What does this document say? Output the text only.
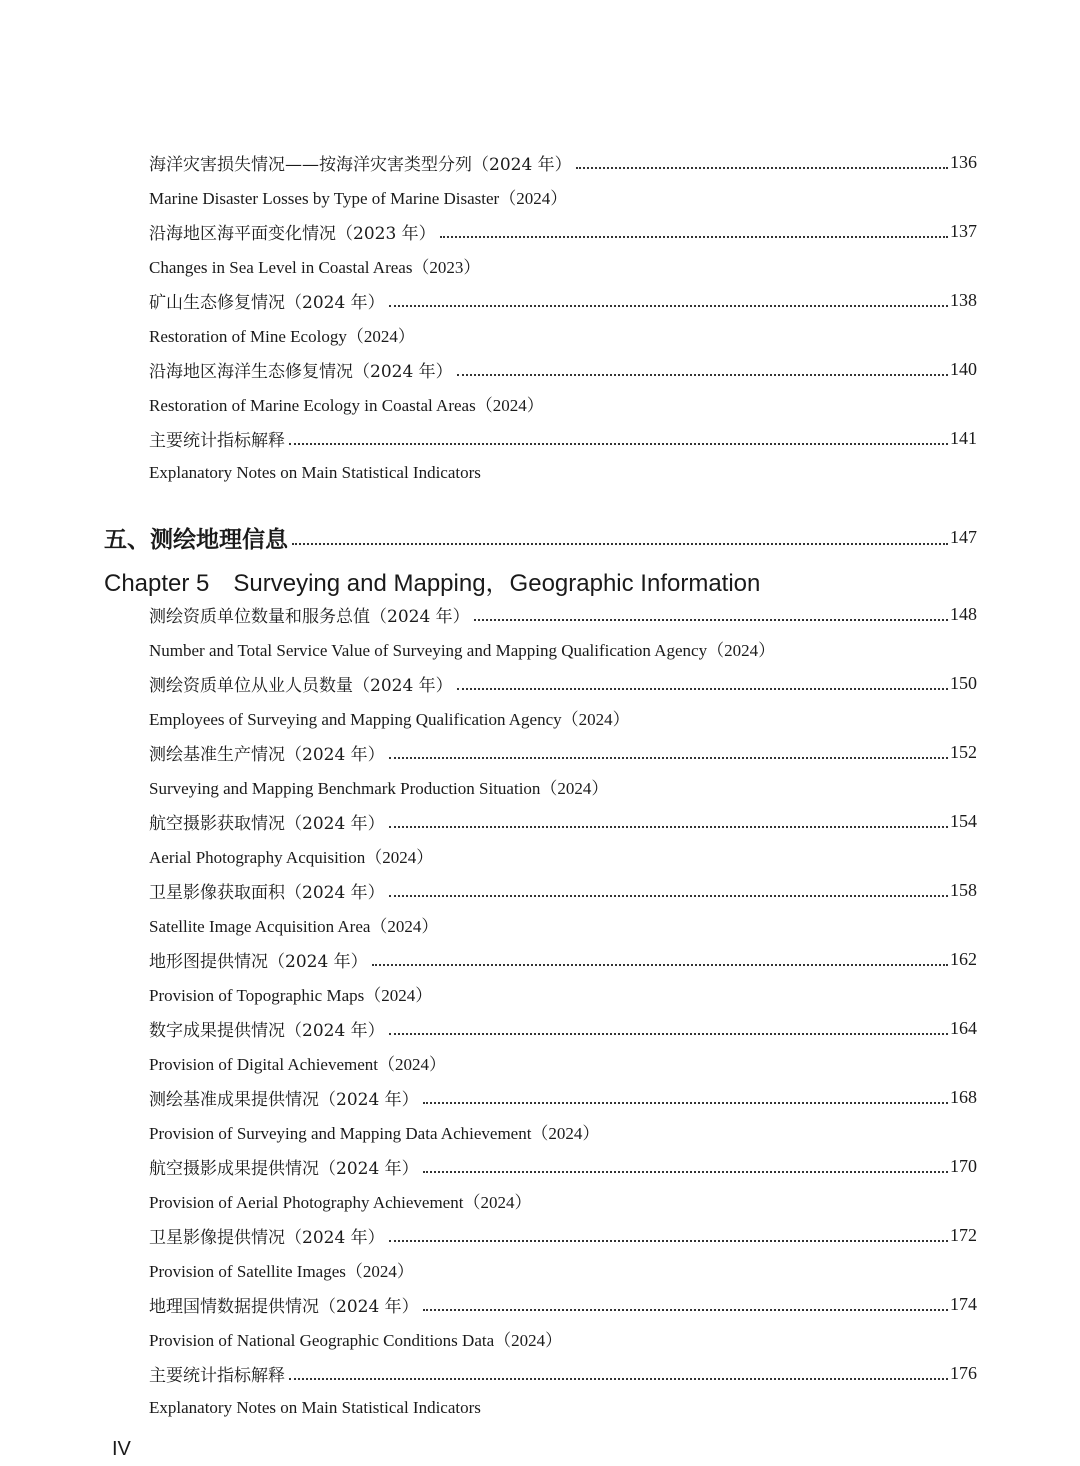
海洋灾害损失情况——按海洋灾害类型分列（2024 年）	136
Marine Disaster Losses by Type of Marine Disaster（2024）
沿海地区海平面变化情况（2023 年）	137
Changes in Sea Level in Coastal Areas（2023）
矿山生态修复情况（2024 年）	138
Restoration of Mine Ecology（2024）
沿海地区海洋生态修复情况（2024 年）	140
Restoration of Marine Ecology in Coastal Areas（2024）
主要统计指标解释	141
Explanatory Notes on Main Statistical Indicators
五、测绘地理信息	147
Chapter 5　Surveying and Mapping，Geographic Information
测绘资质单位数量和服务总值（2024 年）	148
Number and Total Service Value of Surveying and Mapping Qualification Agency（2024）
测绘资质单位从业人员数量（2024 年）	150
Employees of Surveying and Mapping Qualification Agency（2024）
测绘基准生产情况（2024 年）	152
Surveying and Mapping Benchmark Production Situation（2024）
航空摄影获取情况（2024 年）	154
Aerial Photography Acquisition（2024）
卫星影像获取面积（2024 年）	158
Satellite Image Acquisition Area（2024）
地形图提供情况（2024 年）	162
Provision of Topographic Maps（2024）
数字成果提供情况（2024 年）	164
Provision of Digital Achievement（2024）
测绘基准成果提供情况（2024 年）	168
Provision of Surveying and Mapping Data Achievement（2024）
航空摄影成果提供情况（2024 年）	170
Provision of Aerial Photography Achievement（2024）
卫星影像提供情况（2024 年）	172
Provision of Satellite Images（2024）
地理国情数据提供情况（2024 年）	174
Provision of National Geographic Conditions Data（2024）
主要统计指标解释	176
Explanatory Notes on Main Statistical Indicators
IV
